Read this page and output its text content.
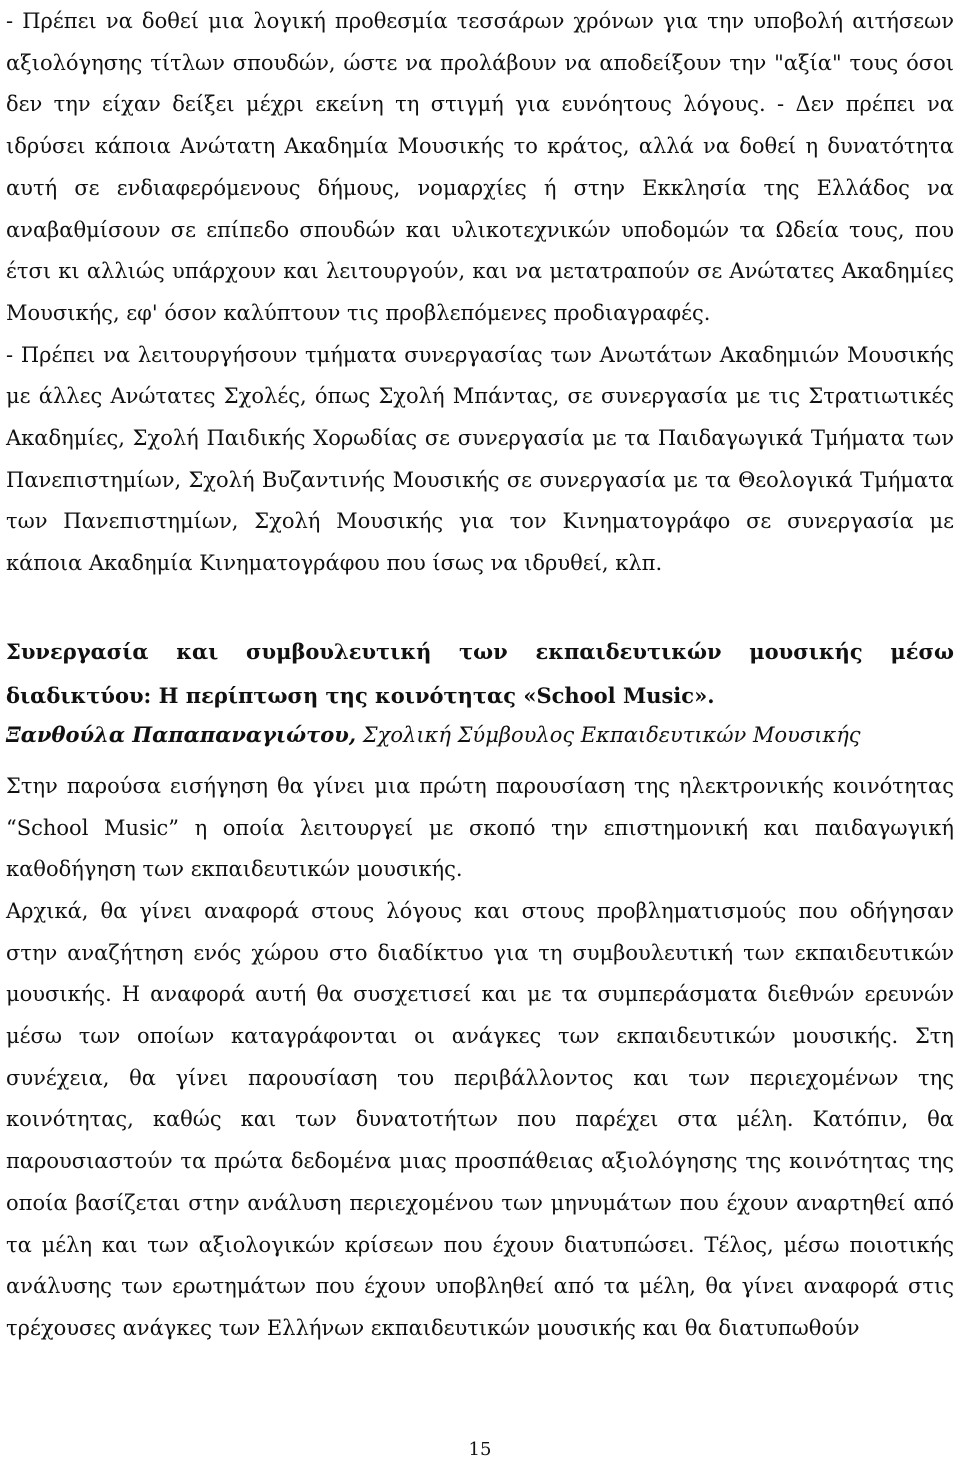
- Πρέπει να δοθεί μια λογική προθεσμία τεσσάρων χρόνων για την υποβολή αιτήσεων αξιολόγησης τίτλων σπουδών, ώστε να προλάβουν να αποδείξουν την "αξία" τους όσοι δεν την είχαν δείξει μέχρι εκείνη τη στιγμή για ευνόητους λόγους. - Δεν πρέπει να ιδρύσει κάποια Ανώτατη Ακαδημία Μουσικής το κράτος, αλλά να δοθεί η δυνατότητα αυτή σε ενδιαφερόμενους δήμους, νομαρχίες ή στην Εκκλησία της Ελλάδος να αναβαθμίσουν σε επίπεδο σπουδών και υλικοτεχνικών υποδομών τα Ωδεία τους, που έτσι κι αλλιώς υπάρχουν και λειτουργούν, και να μετατραπούν σε Ανώτατες Ακαδημίες Μουσικής, εφ' όσον καλύπτουν τις προβλεπόμενες προδιαγραφές.

- Πρέπει να λειτουργήσουν τμήματα συνεργασίας των Ανωτάτων Ακαδημιών Μουσικής με άλλες Ανώτατες Σχολές, όπως Σχολή Μπάντας, σε συνεργασία με τις Στρατιωτικές Ακαδημίες, Σχολή Παιδικής Χορωδίας σε συνεργασία με τα Παιδαγωγικά Τμήματα των Πανεπιστημίων, Σχολή Βυζαντινής Μουσικής σε συνεργασία με τα Θεολογικά Τμήματα των Πανεπιστημίων, Σχολή Μουσικής για τον Κινηματογράφο σε συνεργασία με κάποια Ακαδημία Κινηματογράφου που ίσως να ιδρυθεί, κλπ.

Συνεργασία και συμβουλευτική των εκπαιδευτικών μουσικής μέσω διαδικτύου: Η περίπτωση της κοινότητας «School Music».
Ξανθούλα Παπαπαναγιώτου, Σχολική Σύμβουλος Εκπαιδευτικών Μουσικής

Στην παρούσα εισήγηση θα γίνει μια πρώτη παρουσίαση της ηλεκτρονικής κοινότητας “School Music” η οποία λειτουργεί με σκοπό την επιστημονική και παιδαγωγική καθοδήγηση των εκπαιδευτικών μουσικής.

Αρχικά, θα γίνει αναφορά στους λόγους και στους προβληματισμούς που οδήγησαν στην αναζήτηση ενός χώρου στο διαδίκτυο για τη συμβουλευτική των εκπαιδευτικών μουσικής. Η αναφορά αυτή θα συσχετισεί και με τα συμπεράσματα διεθνών ερευνών μέσω των οποίων καταγράφονται οι ανάγκες των εκπαιδευτικών μουσικής. Στη συνέχεια, θα γίνει παρουσίαση του περιβάλλοντος και των περιεχομένων της κοινότητας, καθώς και των δυνατοτήτων που παρέχει στα μέλη. Κατόπιν, θα παρουσιαστούν τα πρώτα δεδομένα μιας προσπάθειας αξιολόγησης της κοινότητας της οποία βασίζεται στην ανάλυση περιεχομένου των μηνυμάτων που έχουν αναρτηθεί από τα μέλη και των αξιολογικών κρίσεων που έχουν διατυπώσει. Τέλος, μέσω ποιοτικής ανάλυσης των ερωτημάτων που έχουν υποβληθεί από τα μέλη, θα γίνει αναφορά στις τρέχουσες ανάγκες των Ελλήνων εκπαιδευτικών μουσικής και θα διατυπωθούν

15
